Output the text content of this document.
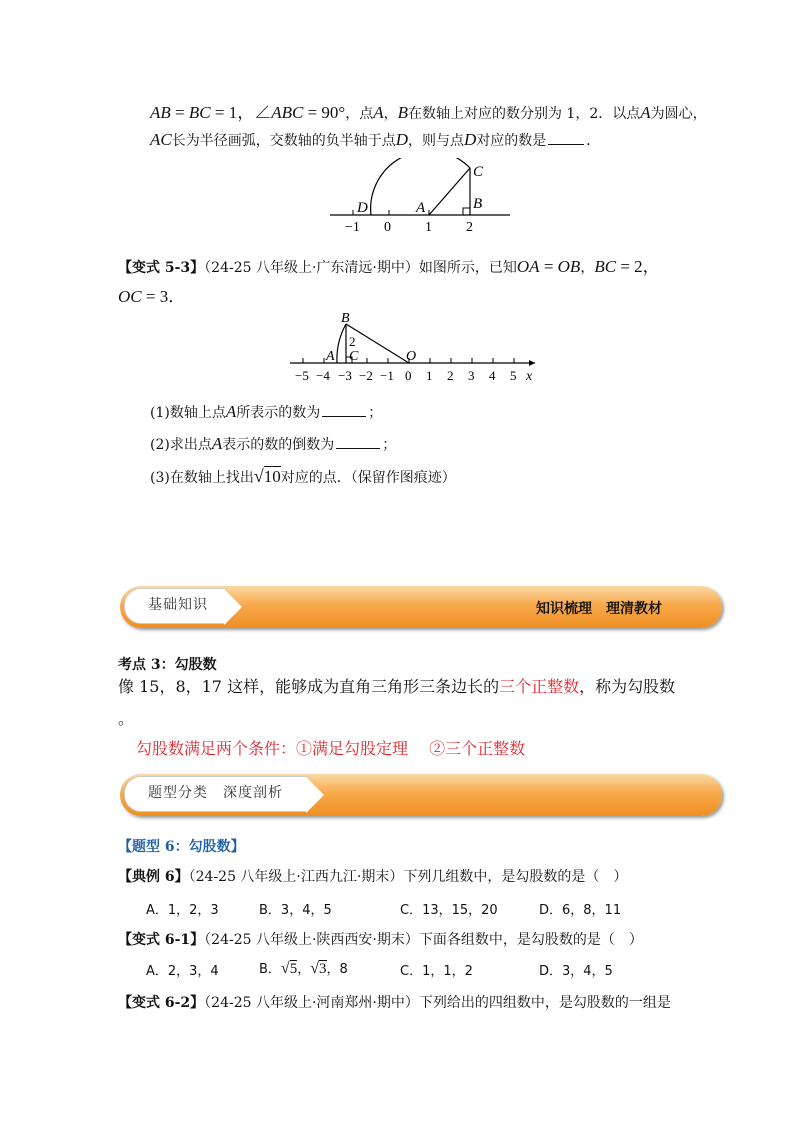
AB = BC = 1，∠ABC = 90°，点A，B在数轴上对应的数分别为 1，2．以点A为圆心，
AC长为半径画弧，交数轴的负半轴于点D，则与点D对应的数是	．
C
D	A	B
−1 0 1 2
【变式 5-3】（24-25 八年级上·广东清远·期中）如图所示，已知OA = OB，BC = 2，
OC = 3．
B
2
A C	O
x
−5 −4 −3 −2 −1 0 1 2 3 4 5
(1)数轴上点A所表示的数为	；
(2)求出点A表示的数的倒数为	；
(3)在数轴上找出√10对应的点．（保留作图痕迹）
基础知识	知识梳理　理清教材
考点 3：勾股数
像 15，8，17 这样，能够成为直角三角形三条边长的三个正整数，称为勾股数
。
勾股数满足两个条件：①满足勾股定理　 ②三个正整数
题型分类　深度剖析
【题型 6：勾股数】
【典例 6】（24-25 八年级上·江西九江·期末）下列几组数中，是勾股数的是（　）
A．1，2，3	B．3，4，5	C．13，15，20	D．6，8，11
【变式 6-1】（24-25 八年级上·陕西西安·期末）下面各组数中，是勾股数的是（　）
A．2，3，4	B．√5，√3，8	C．1，1，2	D．3，4，5
【变式 6-2】（24-25 八年级上·河南郑州·期中）下列给出的四组数中，是勾股数的一组是
